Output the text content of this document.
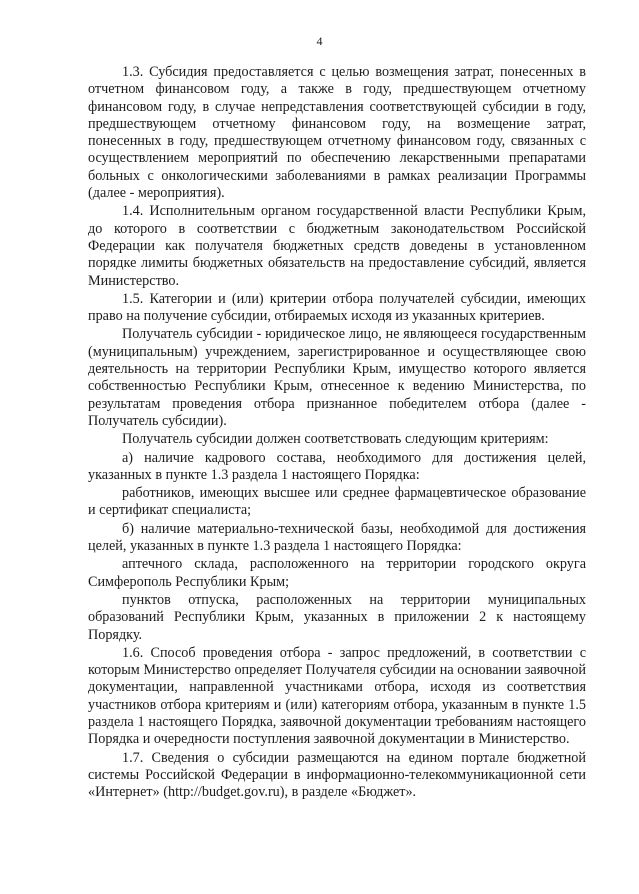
4

1.3. Субсидия предоставляется с целью возмещения затрат, понесенных в отчетном финансовом году, а также в году, предшествующем отчетному финансовом году, в случае непредставления соответствующей субсидии в году, предшествующем отчетному финансовом году, на возмещение затрат, понесенных в году, предшествующем отчетному финансовом году, связанных с осуществлением мероприятий по обеспечению лекарственными препаратами больных с онкологическими заболеваниями в рамках реализации Программы (далее - мероприятия).

1.4. Исполнительным органом государственной власти Республики Крым, до которого в соответствии с бюджетным законодательством Российской Федерации как получателя бюджетных средств доведены в установленном порядке лимиты бюджетных обязательств на предоставление субсидий, является Министерство.

1.5. Категории и (или) критерии отбора получателей субсидии, имеющих право на получение субсидии, отбираемых исходя из указанных критериев.

Получатель субсидии - юридическое лицо, не являющееся государственным (муниципальным) учреждением, зарегистрированное и осуществляющее свою деятельность на территории Республики Крым, имущество которого является собственностью Республики Крым, отнесенное к ведению Министерства, по результатам проведения отбора признанное победителем отбора (далее - Получатель субсидии).

Получатель субсидии должен соответствовать следующим критериям:

а) наличие кадрового состава, необходимого для достижения целей, указанных в пункте 1.3 раздела 1 настоящего Порядка:

работников, имеющих высшее или среднее фармацевтическое образование и сертификат специалиста;

б) наличие материально-технической базы, необходимой для достижения целей, указанных в пункте 1.3 раздела 1 настоящего Порядка:

аптечного склада, расположенного на территории городского округа Симферополь Республики Крым;

пунктов отпуска, расположенных на территории муниципальных образований Республики Крым, указанных в приложении 2 к настоящему Порядку.

1.6. Способ проведения отбора - запрос предложений, в соответствии с которым Министерство определяет Получателя субсидии на основании заявочной документации, направленной участниками отбора, исходя из соответствия участников отбора критериям и (или) категориям отбора, указанным в пункте 1.5 раздела 1 настоящего Порядка, заявочной документации требованиям настоящего Порядка и очередности поступления заявочной документации в Министерство.

1.7. Сведения о субсидии размещаются на едином портале бюджетной системы Российской Федерации в информационно-телекоммуникационной сети «Интернет» (http://budget.gov.ru), в разделе «Бюджет».
